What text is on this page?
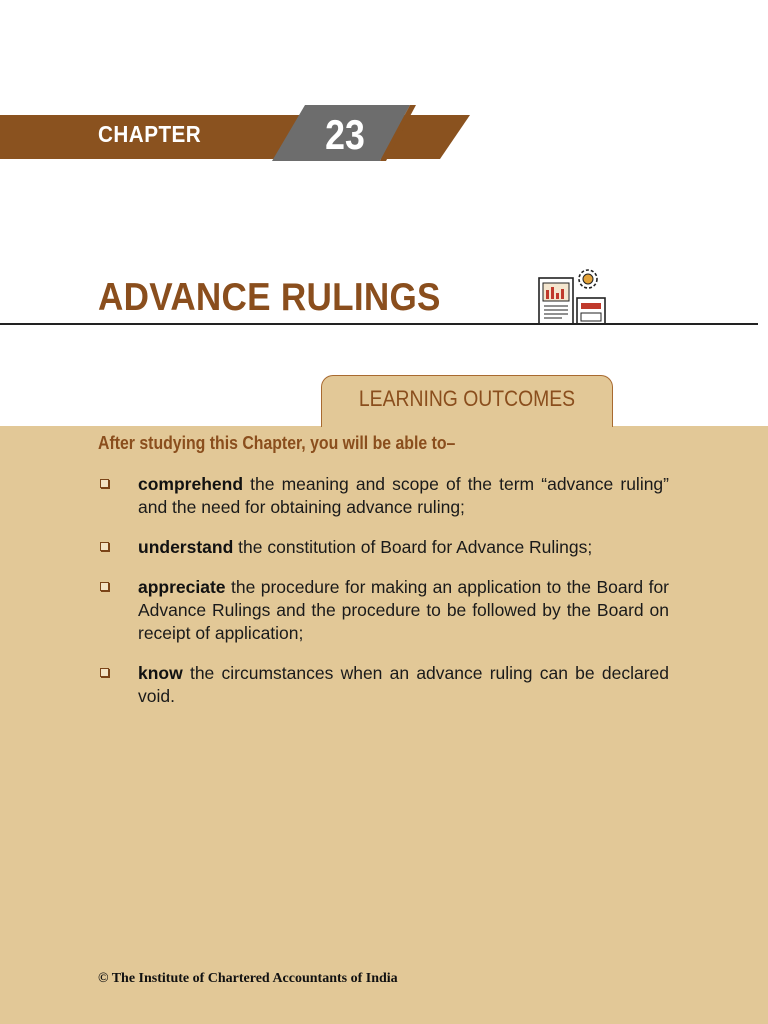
CHAPTER	23
ADVANCE RULINGS
LEARNING OUTCOMES
After studying this Chapter, you will be able to–
comprehend the meaning and scope of the term “advance ruling” and the need for obtaining advance ruling;
understand the constitution of Board for Advance Rulings;
appreciate the procedure for making an application to the Board for Advance Rulings and the procedure to be followed by the Board on receipt of application;
know the circumstances when an advance ruling can be declared void.
© The Institute of Chartered Accountants of India
